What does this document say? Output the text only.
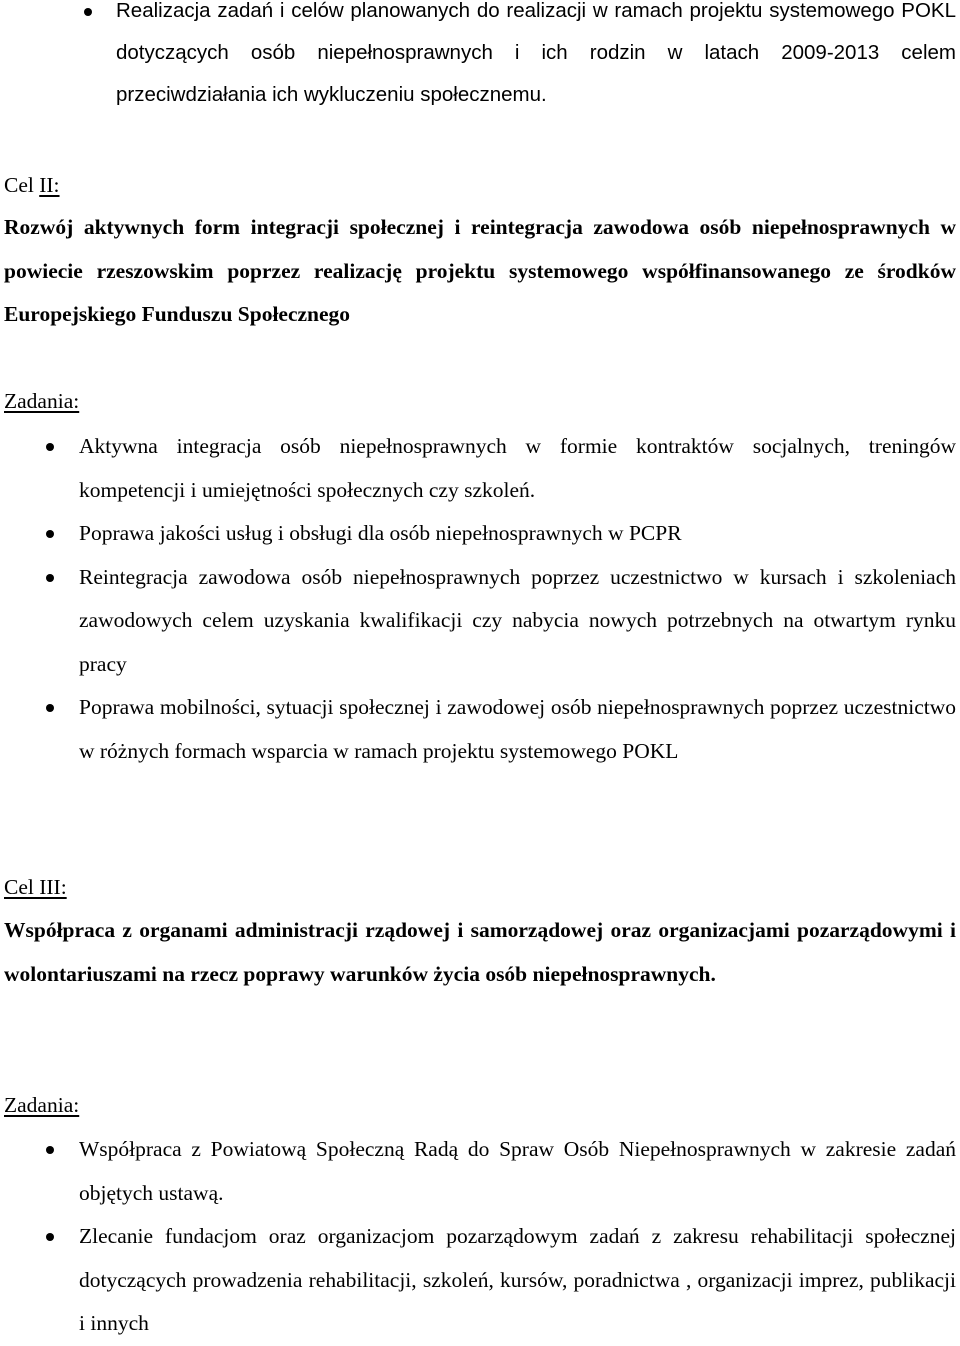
Realizacja zadań i celów planowanych do realizacji w ramach projektu systemowego POKL dotyczących osób niepełnosprawnych i ich rodzin w latach 2009-2013 celem przeciwdziałania ich wykluczeniu społecznemu.
Cel II:

Rozwój aktywnych form integracji społecznej i reintegracja zawodowa osób niepełnosprawnych w powiecie rzeszowskim poprzez realizację projektu systemowego współfinansowanego ze środków Europejskiego Funduszu Społecznego

Zadania:
Aktywna integracja osób niepełnosprawnych w formie kontraktów socjalnych, treningów kompetencji i umiejętności społecznych czy szkoleń.
Poprawa jakości usług i obsługi dla osób niepełnosprawnych w PCPR
Reintegracja zawodowa osób niepełnosprawnych poprzez uczestnictwo w kursach i szkoleniach zawodowych celem uzyskania kwalifikacji czy nabycia nowych potrzebnych na otwartym rynku pracy
Poprawa mobilności, sytuacji społecznej i zawodowej osób niepełnosprawnych poprzez uczestnictwo w różnych formach wsparcia w ramach projektu systemowego POKL
Cel III:

Współpraca z organami administracji rządowej i samorządowej oraz organizacjami pozarządowymi i wolontariuszami na rzecz poprawy warunków życia osób niepełnosprawnych.

Zadania:
Współpraca z Powiatową Społeczną Radą do Spraw Osób Niepełnosprawnych w zakresie zadań objętych ustawą.
Zlecanie fundacjom oraz organizacjom pozarządowym zadań z zakresu rehabilitacji społecznej dotyczących prowadzenia rehabilitacji, szkoleń, kursów, poradnictwa , organizacji imprez, publikacji i innych
